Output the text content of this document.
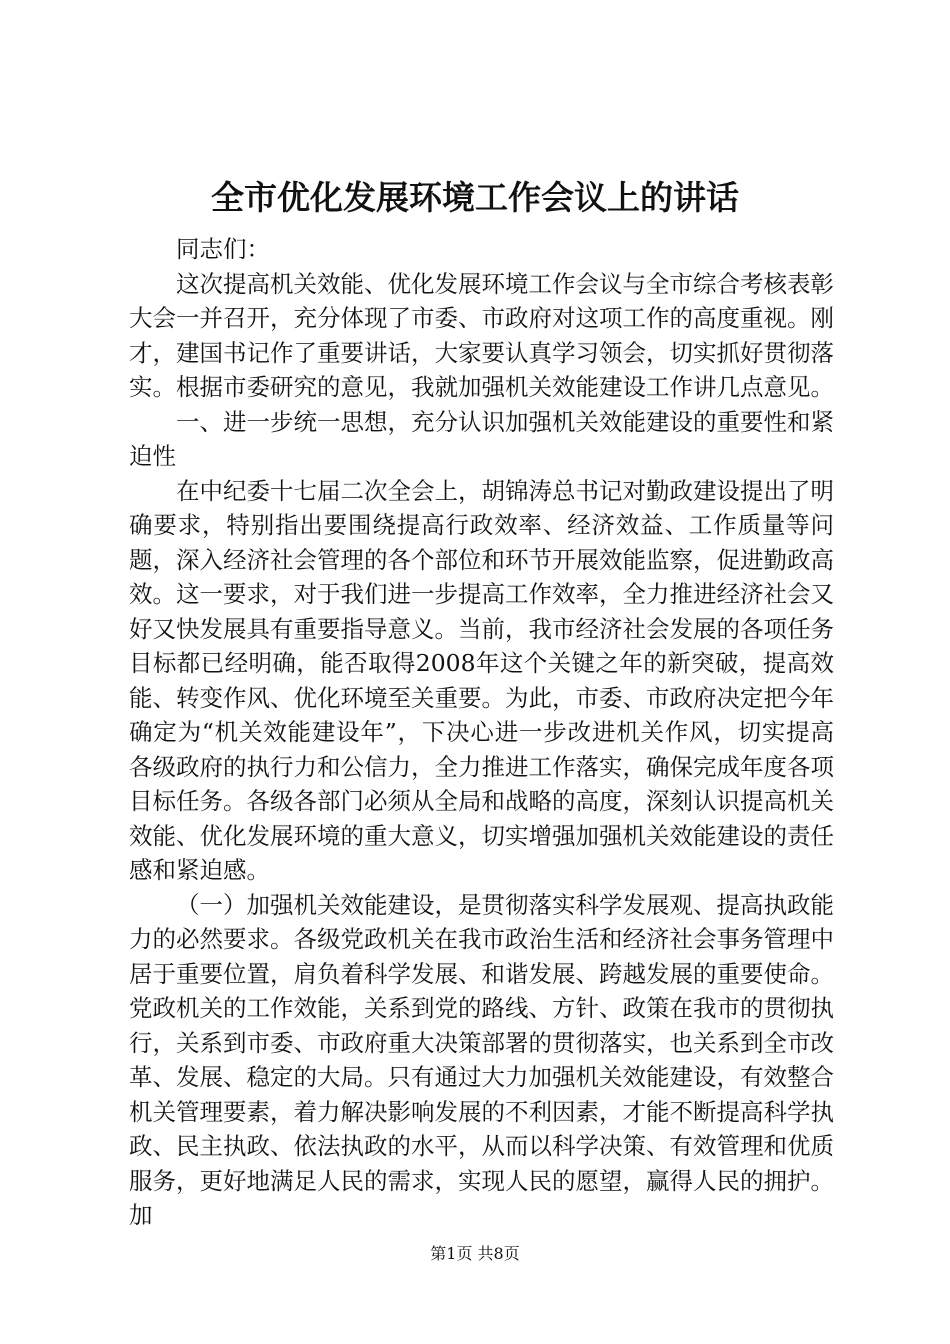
全市优化发展环境工作会议上的讲话

同志们：

这次提高机关效能、优化发展环境工作会议与全市综合考核表彰大会一并召开，充分体现了市委、市政府对这项工作的高度重视。刚才，建国书记作了重要讲话，大家要认真学习领会，切实抓好贯彻落实。根据市委研究的意见，我就加强机关效能建设工作讲几点意见。

一、进一步统一思想，充分认识加强机关效能建设的重要性和紧迫性

在中纪委十七届二次全会上，胡锦涛总书记对勤政建设提出了明确要求，特别指出要围绕提高行政效率、经济效益、工作质量等问题，深入经济社会管理的各个部位和环节开展效能监察，促进勤政高效。这一要求，对于我们进一步提高工作效率，全力推进经济社会又好又快发展具有重要指导意义。当前，我市经济社会发展的各项任务目标都已经明确，能否取得2008年这个关键之年的新突破，提高效能、转变作风、优化环境至关重要。为此，市委、市政府决定把今年确定为“机关效能建设年”，下决心进一步改进机关作风，切实提高各级政府的执行力和公信力，全力推进工作落实，确保完成年度各项目标任务。各级各部门必须从全局和战略的高度，深刻认识提高机关效能、优化发展环境的重大意义，切实增强加强机关效能建设的责任感和紧迫感。

（一）加强机关效能建设，是贯彻落实科学发展观、提高执政能力的必然要求。各级党政机关在我市政治生活和经济社会事务管理中居于重要位置，肩负着科学发展、和谐发展、跨越发展的重要使命。党政机关的工作效能，关系到党的路线、方针、政策在我市的贯彻执行，关系到市委、市政府重大决策部署的贯彻落实，也关系到全市改革、发展、稳定的大局。只有通过大力加强机关效能建设，有效整合机关管理要素，着力解决影响发展的不利因素，才能不断提高科学执政、民主执政、依法执政的水平，从而以科学决策、有效管理和优质服务，更好地满足人民的需求，实现人民的愿望，赢得人民的拥护。加

第1页 共8页
